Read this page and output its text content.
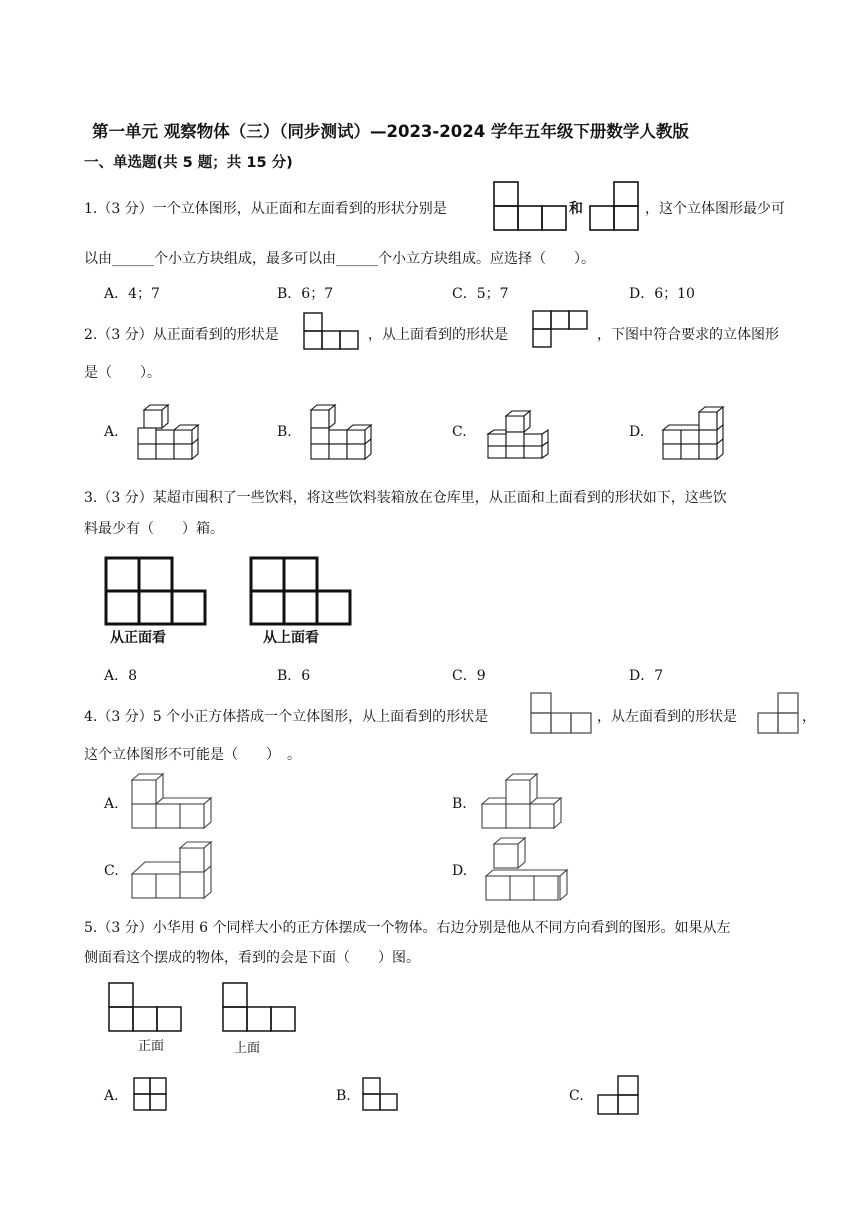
第一单元 观察物体（三）（同步测试）—2023-2024 学年五年级下册数学人教版
一、单选题(共 5 题；共 15 分)
1.（3 分）一个立体图形，从正面和左面看到的形状分别是	和	，这个立体图形最少可
以由______个小立方块组成，最多可以由______个小立方块组成。应选择（　　）。
A．4；7	B．6；7	C．5；7	D．6；10
2.（3 分）从正面看到的形状是	，从上面看到的形状是	，下图中符合要求的立体图形
是（　　）。
A.	B.	C.	D.
3.（3 分）某超市囤积了一些饮料，将这些饮料装箱放在仓库里，从正面和上面看到的形状如下，这些饮
料最少有（　　）箱。
从正面看	从上面看
A．8	B．6	C．9	D．7
4.（3 分）5 个小正方体搭成一个立体图形，从上面看到的形状是	，从左面看到的形状是	，
这个立体图形不可能是（　　）　。
A.	B.
C.	D.
5.（3 分）小华用 6 个同样大小的正方体摆成一个物体。右边分别是他从不同方向看到的图形。如果从左
侧面看这个摆成的物体，看到的会是下面（　　）图。
正面	上面
A.	B.	C.
